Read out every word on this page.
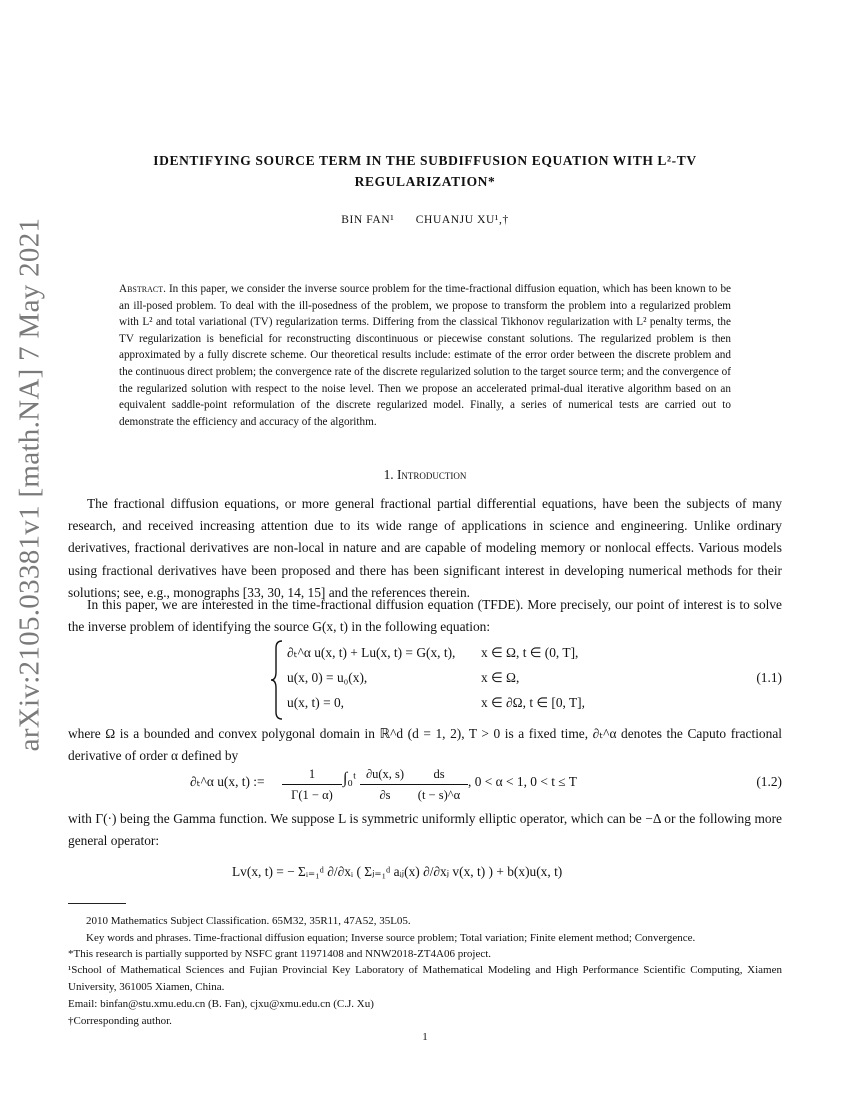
arXiv:2105.03381v1 [math.NA] 7 May 2021
IDENTIFYING SOURCE TERM IN THE SUBDIFFUSION EQUATION WITH L²-TV
REGULARIZATION*
BIN FAN¹ CHUANJU XU¹,†
Abstract. In this paper, we consider the inverse source problem for the time-fractional diffusion equation, which has been known to be an ill-posed problem. To deal with the ill-posedness of the problem, we propose to transform the problem into a regularized problem with L² and total variational (TV) regularization terms. Differing from the classical Tikhonov regularization with L² penalty terms, the TV regularization is beneficial for reconstructing discontinuous or piecewise constant solutions. The regularized problem is then approximated by a fully discrete scheme. Our theoretical results include: estimate of the error order between the discrete problem and the continuous direct problem; the convergence rate of the discrete regularized solution to the target source term; and the convergence of the regularized solution with respect to the noise level. Then we propose an accelerated primal-dual iterative algorithm based on an equivalent saddle-point reformulation of the discrete regularized model. Finally, a series of numerical tests are carried out to demonstrate the efficiency and accuracy of the algorithm.
1. Introduction
The fractional diffusion equations, or more general fractional partial differential equations, have been the subjects of many research, and received increasing attention due to its wide range of applications in science and engineering. Unlike ordinary derivatives, fractional derivatives are non-local in nature and are capable of modeling memory or nonlocal effects. Various models using fractional derivatives have been proposed and there has been significant interest in developing numerical methods for their solutions; see, e.g., monographs [33, 30, 14, 15] and the references therein.
In this paper, we are interested in the time-fractional diffusion equation (TFDE). More precisely, our point of interest is to solve the inverse problem of identifying the source G(x, t) in the following equation:
∂ₜ^α u(x, t) + Lu(x, t) = G(x, t), x ∈ Ω, t ∈ (0, T],
u(x, 0) = u₀(x),	x ∈ Ω,
u(x, t) = 0,	x ∈ ∂Ω, t ∈ [0, T],
(1.1)
where Ω is a bounded and convex polygonal domain in ℝ^d (d = 1, 2), T > 0 is a fixed time, ∂ₜ^α denotes the Caputo fractional derivative of order α defined by
∂ₜ^α u(x, t) := $\frac{1}{\Gamma(1 - \alpha)}$ ∫₀ᵗ $\frac{\partial u(x, s)}{\partial s} \frac{ds}{(t - s)\^{}\alpha}$ , 0 < α < 1, 0 < t ≤ T	(1.2)
with Γ(·) being the Gamma function. We suppose L is symmetric uniformly elliptic operator, which can be −Δ or the following more general operator:
Lv(x, t) = − Σᵢ₌₁ᵈ ∂/∂xᵢ ( Σⱼ₌₁ᵈ aᵢⱼ(x) ∂/∂xⱼ v(x, t) ) + b(x)u(x, t)
2010 Mathematics Subject Classification. 65M32, 35R11, 47A52, 35L05.
Key words and phrases. Time-fractional diffusion equation; Inverse source problem; Total variation; Finite element method; Convergence.
*This research is partially supported by NSFC grant 11971408 and NNW2018-ZT4A06 project.
¹School of Mathematical Sciences and Fujian Provincial Key Laboratory of Mathematical Modeling and High Performance Scientific Computing, Xiamen University, 361005 Xiamen, China.
Email: binfan@stu.xmu.edu.cn (B. Fan), cjxu@xmu.edu.cn (C.J. Xu)
†Corresponding author.
1
